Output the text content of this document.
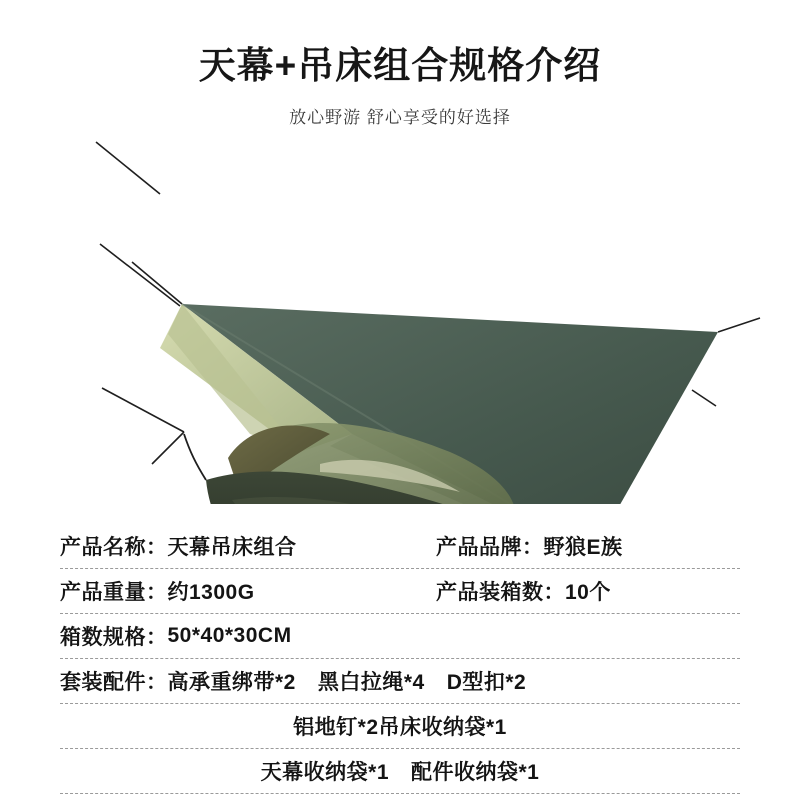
天幕+吊床组合规格介绍
放心野游 舒心享受的好选择
产品名称： 天幕吊床组合	产品品牌： 野狼E族
产品重量： 约1300G	产品装箱数： 10个
箱数规格： 50*40*30CM
套装配件： 高承重绑带*2 黑白拉绳*4 D型扣*2
铝地钉*2 吊床收纳袋*1
天幕收纳袋*1 配件收纳袋*1
